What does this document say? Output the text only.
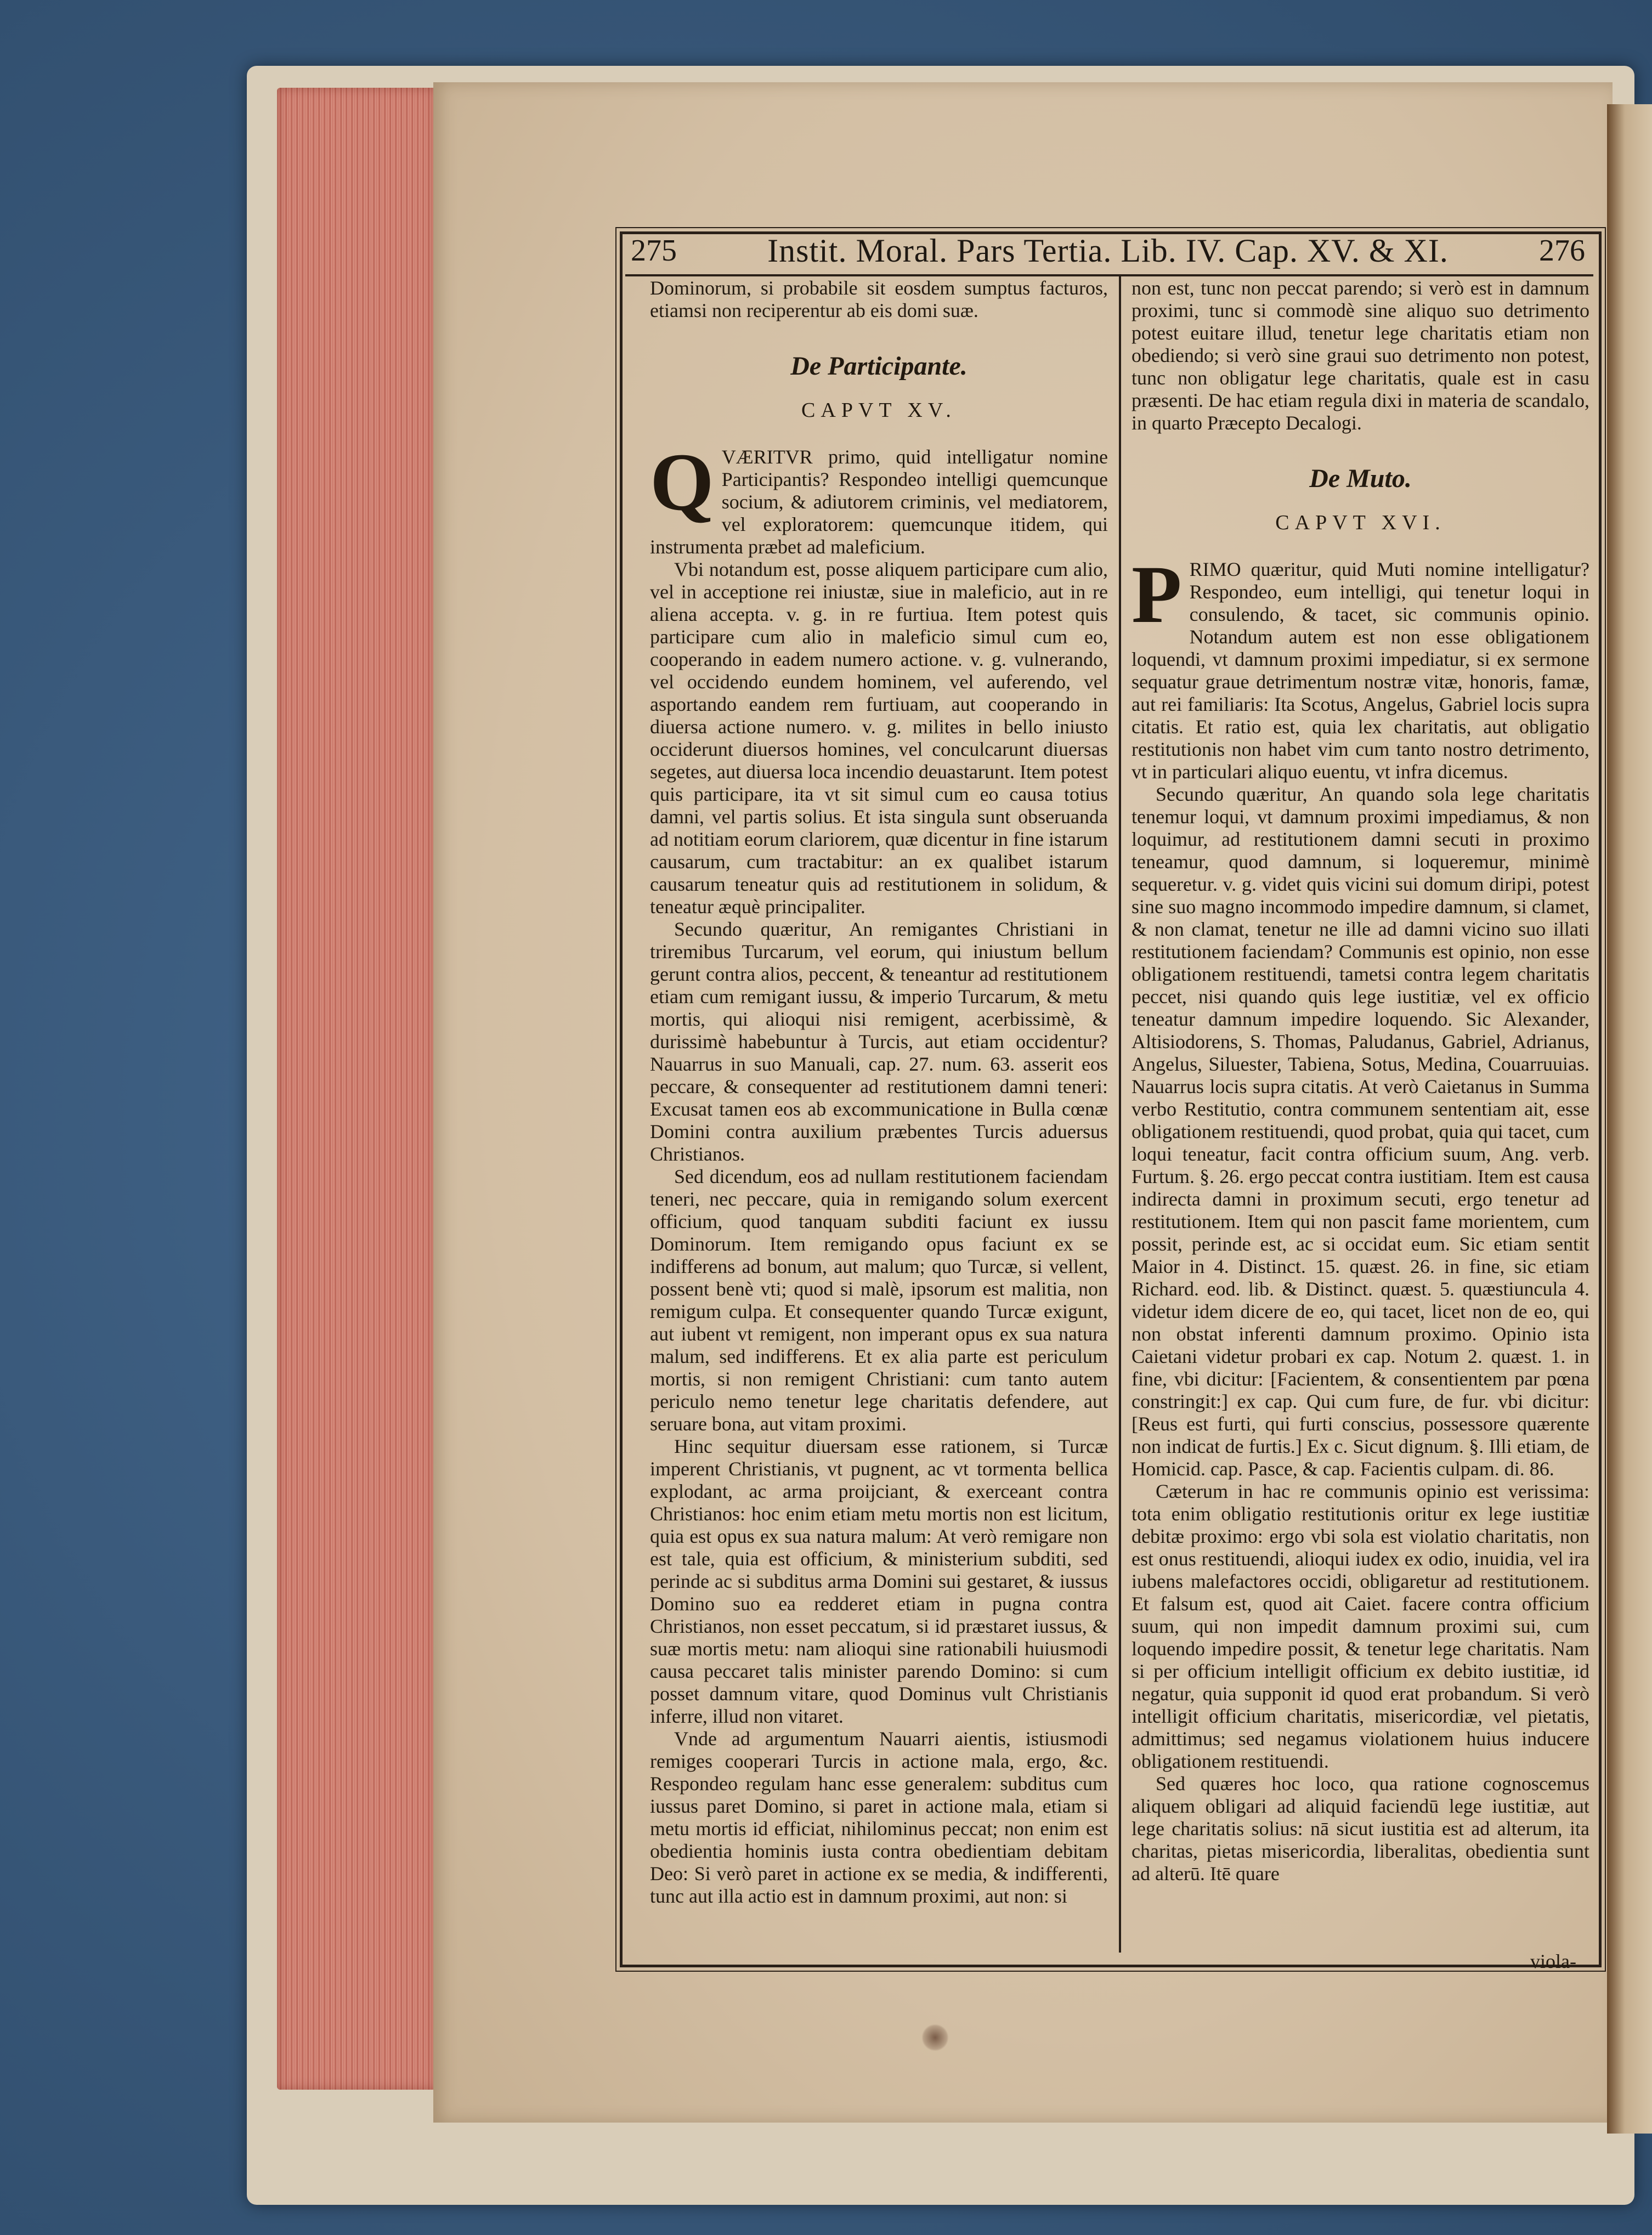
275	Instit. Moral. Pars Tertia. Lib. IV. Cap. XV. & XI.	276

Dominorum, si probabile sit eosdem sumptus facturos, etiamsi non reciperentur ab eis domi suæ.

De Participante.
CAPVT XV.

QVÆRITVR primo, quid intelligatur nomine Participantis? Respondeo intelligi quemcunque socium, & adiutorem criminis, vel mediatorem, vel exploratorem: quemcunque itidem, qui instrumenta præbet ad maleficium.

Vbi notandum est, posse aliquem participare cum alio, vel in acceptione rei iniustæ, siue in maleficio, aut in re aliena accepta. v. g. in re furtiua. Item potest quis participare cum alio in maleficio simul cum eo, cooperando in eadem numero actione. v. g. vulnerando, vel occidendo eundem hominem, vel auferendo, vel asportando eandem rem furtiuam, aut cooperando in diuersa actione numero. v. g. milites in bello iniusto occiderunt diuersos homines, vel conculcarunt diuersas segetes, aut diuersa loca incendio deuastarunt. Item potest quis participare, ita vt sit simul cum eo causa totius damni, vel partis solius. Et ista singula sunt obseruanda ad notitiam eorum clariorem, quæ dicentur in fine istarum causarum, cum tractabitur: an ex qualibet istarum causarum teneatur quis ad restitutionem in solidum, & teneatur æquè principaliter.

Secundo quæritur, An remigantes Christiani in triremibus Turcarum, vel eorum, qui iniustum bellum gerunt contra alios, peccent, & teneantur ad restitutionem etiam cum remigant iussu, & imperio Turcarum, & metu mortis, qui alioqui nisi remigent, acerbissimè, & durissimè habebuntur à Turcis, aut etiam occidentur? Nauarrus in suo Manuali, cap. 27. num. 63. asserit eos peccare, & consequenter ad restitutionem damni teneri: Excusat tamen eos ab excommunicatione in Bulla cœnæ Domini contra auxilium præbentes Turcis aduersus Christianos.

Sed dicendum, eos ad nullam restitutionem faciendam teneri, nec peccare, quia in remigando solum exercent officium, quod tanquam subditi faciunt ex iussu Dominorum. Item remigando opus faciunt ex se indifferens ad bonum, aut malum; quo Turcæ, si vellent, possent benè vti; quod si malè, ipsorum est malitia, non remigum culpa. Et consequenter quando Turcæ exigunt, aut iubent vt remigent, non imperant opus ex sua natura malum, sed indifferens. Et ex alia parte est periculum mortis, si non remigent Christiani: cum tanto autem periculo nemo tenetur lege charitatis defendere, aut seruare bona, aut vitam proximi.

Hinc sequitur diuersam esse rationem, si Turcæ imperent Christianis, vt pugnent, ac vt tormenta bellica explodant, ac arma proijciant, & exerceant contra Christianos: hoc enim etiam metu mortis non est licitum, quia est opus ex sua natura malum: At verò remigare non est tale, quia est officium, & ministerium subditi, sed perinde ac si subditus arma Domini sui gestaret, & iussus Domino suo ea redderet etiam in pugna contra Christianos, non esset peccatum, si id præstaret iussus, & suæ mortis metu: nam alioqui sine rationabili huiusmodi causa peccaret talis minister parendo Domino: si cum posset damnum vitare, quod Dominus vult Christianis inferre, illud non vitaret.

Vnde ad argumentum Nauarri aientis, istiusmodi remiges cooperari Turcis in actione mala, ergo, &c. Respondeo regulam hanc esse generalem: subditus cum iussus paret Domino, si paret in actione mala, etiam si metu mortis id efficiat, nihilominus peccat; non enim est obedientia hominis iusta contra obedientiam debitam Deo: Si verò paret in actione ex se media, & indifferenti, tunc aut illa actio est in damnum proximi, aut non: si

non est, tunc non peccat parendo; si verò est in damnum proximi, tunc si commodè sine aliquo suo detrimento potest euitare illud, tenetur lege charitatis etiam non obediendo; si verò sine graui suo detrimento non potest, tunc non obligatur lege charitatis, quale est in casu præsenti. De hac etiam regula dixi in materia de scandalo, in quarto Præcepto Decalogi.

De Muto.
CAPVT XVI.

PRIMO quæritur, quid Muti nomine intelligatur? Respondeo, eum intelligi, qui tenetur loqui in consulendo, & tacet, sic communis opinio. Notandum autem est non esse obligationem loquendi, vt damnum proximi impediatur, si ex sermone sequatur graue detrimentum nostræ vitæ, honoris, famæ, aut rei familiaris: Ita Scotus, Angelus, Gabriel locis supra citatis. Et ratio est, quia lex charitatis, aut obligatio restitutionis non habet vim cum tanto nostro detrimento, vt in particulari aliquo euentu, vt infra dicemus.

Secundo quæritur, An quando sola lege charitatis tenemur loqui, vt damnum proximi impediamus, & non loquimur, ad restitutionem damni secuti in proximo teneamur, quod damnum, si loqueremur, minimè sequeretur. v. g. videt quis vicini sui domum diripi, potest sine suo magno incommodo impedire damnum, si clamet, & non clamat, tenetur ne ille ad damni vicino suo illati restitutionem faciendam? Communis est opinio, non esse obligationem restituendi, tametsi contra legem charitatis peccet, nisi quando quis lege iustitiæ, vel ex officio teneatur damnum impedire loquendo. Sic Alexander, Altisiodorens, S. Thomas, Paludanus, Gabriel, Adrianus, Angelus, Siluester, Tabiena, Sotus, Medina, Couarruuias. Nauarrus locis supra citatis. At verò Caietanus in Summa verbo Restitutio, contra communem sententiam ait, esse obligationem restituendi, quod probat, quia qui tacet, cum loqui teneatur, facit contra officium suum, Ang. verb. Furtum. §. 26. ergo peccat contra iustitiam. Item est causa indirecta damni in proximum secuti, ergo tenetur ad restitutionem. Item qui non pascit fame morientem, cum possit, perinde est, ac si occidat eum. Sic etiam sentit Maior in 4. Distinct. 15. quæst. 26. in fine, sic etiam Richard. eod. lib. & Distinct. quæst. 5. quæstiuncula 4. videtur idem dicere de eo, qui tacet, licet non de eo, qui non obstat inferenti damnum proximo. Opinio ista Caietani videtur probari ex cap. Notum 2. quæst. 1. in fine, vbi dicitur: [Facientem, & consentientem par pœna constringit:] ex cap. Qui cum fure, de fur. vbi dicitur: [Reus est furti, qui furti conscius, possessore quærente non indicat de furtis.] Ex c. Sicut dignum. §. Illi etiam, de Homicid. cap. Pasce, & cap. Facientis culpam. di. 86.

Cæterum in hac re communis opinio est verissima: tota enim obligatio restitutionis oritur ex lege iustitiæ debitæ proximo: ergo vbi sola est violatio charitatis, non est onus restituendi, alioqui iudex ex odio, inuidia, vel ira iubens malefactores occidi, obligaretur ad restitutionem. Et falsum est, quod ait Caiet. facere contra officium suum, qui non impedit damnum proximi sui, cum loquendo impedire possit, & tenetur lege charitatis. Nam si per officium intelligit officium ex debito iustitiæ, id negatur, quia supponit id quod erat probandum. Si verò intelligit officium charitatis, misericordiæ, vel pietatis, admittimus; sed negamus violationem huius inducere obligationem restituendi.

Sed quæres hoc loco, qua ratione cognoscemus aliquem obligari ad aliquid faciendū lege iustitiæ, aut lege charitatis solius: nā sicut iustitia est ad alterum, ita charitas, pietas misericordia, liberalitas, obedientia sunt ad alterū. Itē quare

viola-
